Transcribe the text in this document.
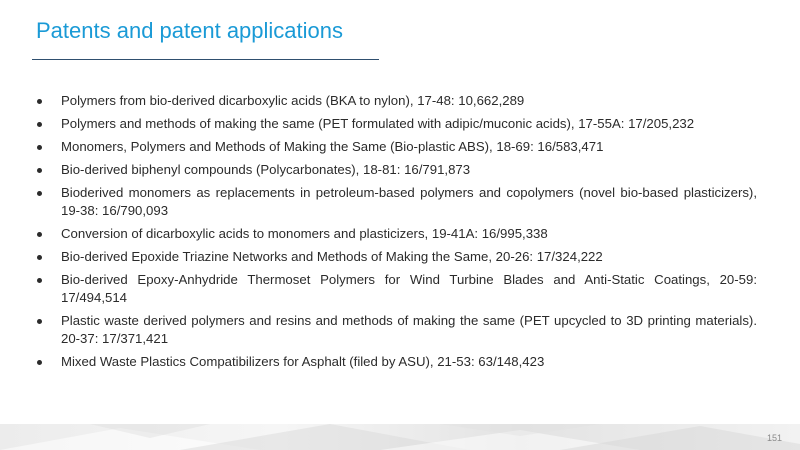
Patents and patent applications
Polymers from bio-derived dicarboxylic acids (BKA to nylon), 17-48: 10,662,289
Polymers and methods of making the same (PET formulated with adipic/muconic acids), 17-55A: 17/205,232
Monomers, Polymers and Methods of Making the Same (Bio-plastic ABS), 18-69: 16/583,471
Bio-derived biphenyl compounds (Polycarbonates), 18-81: 16/791,873
Bioderived monomers as replacements in petroleum-based polymers and copolymers (novel bio-based plasticizers), 19-38: 16/790,093
Conversion of dicarboxylic acids to monomers and plasticizers, 19-41A: 16/995,338
Bio-derived Epoxide Triazine Networks and Methods of Making the Same, 20-26: 17/324,222
Bio-derived Epoxy-Anhydride Thermoset Polymers for Wind Turbine Blades and Anti-Static Coatings, 20-59: 17/494,514
Plastic waste derived polymers and resins and methods of making the same (PET upcycled to 3D printing materials). 20-37: 17/371,421
Mixed Waste Plastics Compatibilizers for Asphalt (filed by ASU), 21-53: 63/148,423
151
